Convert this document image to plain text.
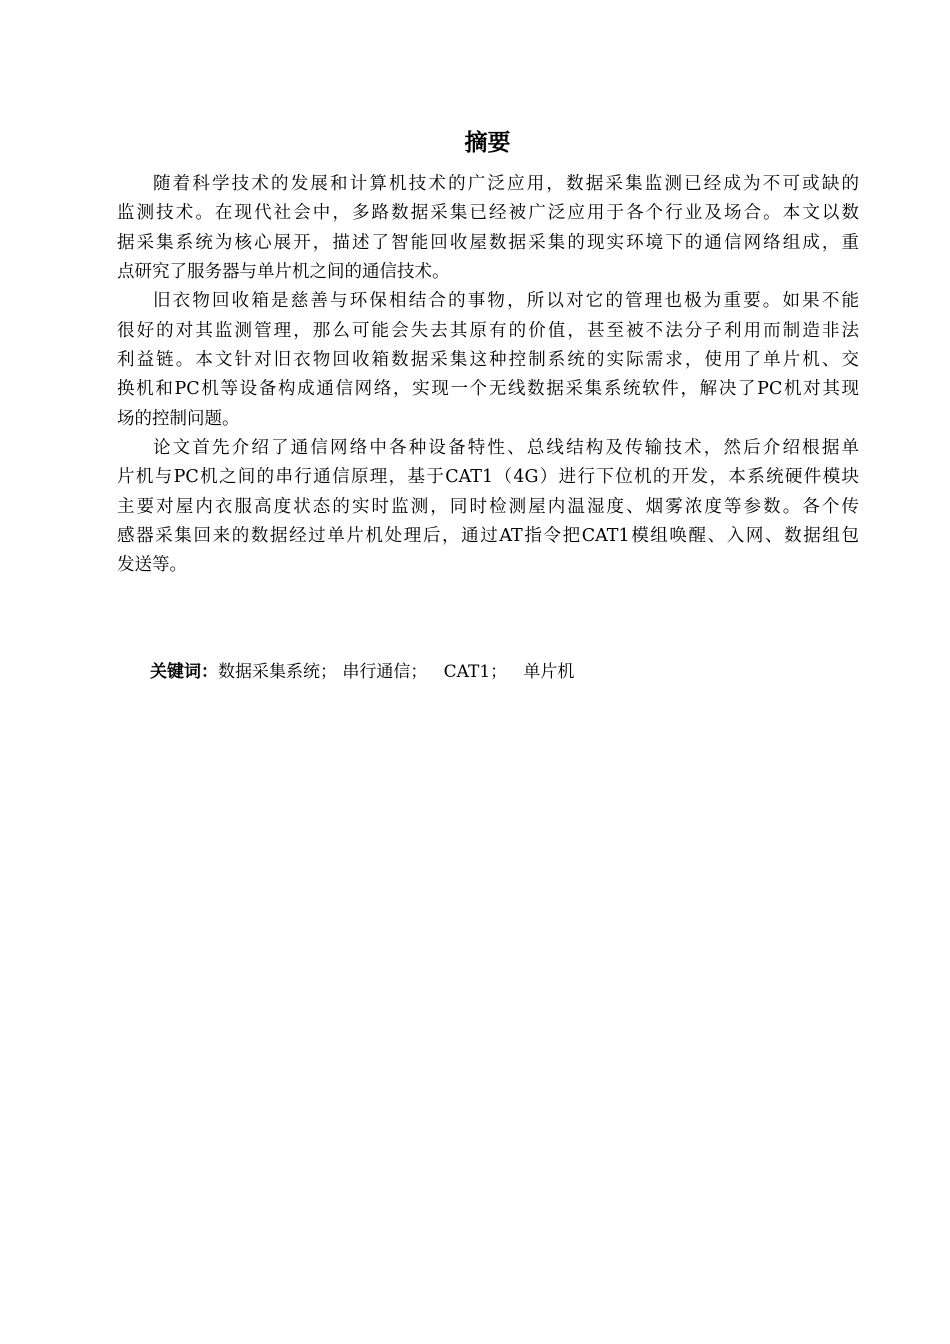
摘要
随着科学技术的发展和计算机技术的广泛应用，数据采集监测已经成为不可或缺的
监测技术。在现代社会中，多路数据采集已经被广泛应用于各个行业及场合。本文以数
据采集系统为核心展开，描述了智能回收屋数据采集的现实环境下的通信网络组成，重
点研究了服务器与单片机之间的通信技术。
旧衣物回收箱是慈善与环保相结合的事物，所以对它的管理也极为重要。如果不能
很好的对其监测管理，那么可能会失去其原有的价值，甚至被不法分子利用而制造非法
利益链。本文针对旧衣物回收箱数据采集这种控制系统的实际需求，使用了单片机、交
换机和PC机等设备构成通信网络，实现一个无线数据采集系统软件，解决了PC机对其现
场的控制问题。
论文首先介绍了通信网络中各种设备特性、总线结构及传输技术，然后介绍根据单
片机与PC机之间的串行通信原理，基于CAT1（4G）进行下位机的开发，本系统硬件模块
主要对屋内衣服高度状态的实时监测，同时检测屋内温湿度、烟雾浓度等参数。各个传
感器采集回来的数据经过单片机处理后，通过AT指令把CAT1模组唤醒、入网、数据组包
发送等。
关键词：数据采集系统； 串行通信； CAT1； 单片机
